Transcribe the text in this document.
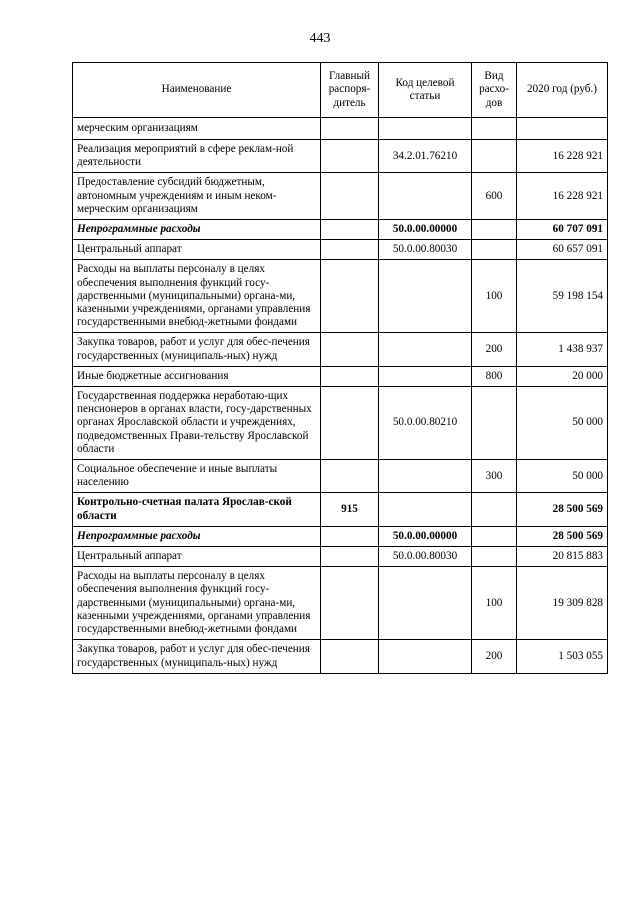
443
Наименование	Главный распоря-дитель	Код целевой статьи	Вид расхо-дов	2020 год (руб.)
мерческим организациям				
Реализация мероприятий в сфере реклам-ной деятельности		34.2.01.76210		16 228 921
Предоставление субсидий бюджетным, автономным учреждениям и иным неком-мерческим организациям			600	16 228 921
Непрограммные расходы		50.0.00.00000		60 707 091
Центральный аппарат		50.0.00.80030		60 657 091
Расходы на выплаты персоналу в целях обеспечения выполнения функций госу-дарственными (муниципальными) органа-ми, казенными учреждениями, органами управления государственными внебюд-жетными фондами			100	59 198 154
Закупка товаров, работ и услуг для обес-печения государственных (муниципаль-ных) нужд			200	1 438 937
Иные бюджетные ассигнования			800	20 000
Государственная поддержка неработаю-щих пенсионеров в органах власти, госу-дарственных органах Ярославской области и учреждениях, подведомственных Прави-тельству Ярославской области		50.0.00.80210		50 000
Социальное обеспечение и иные выплаты населению			300	50 000
Контрольно-счетная палата Ярослав-ской области	915			28 500 569
Непрограммные расходы		50.0.00.00000		28 500 569
Центральный аппарат		50.0.00.80030		20 815 883
Расходы на выплаты персоналу в целях обеспечения выполнения функций госу-дарственными (муниципальными) органа-ми, казенными учреждениями, органами управления государственными внебюд-жетными фондами			100	19 309 828
Закупка товаров, работ и услуг для обес-печения государственных (муниципаль-ных) нужд			200	1 503 055
